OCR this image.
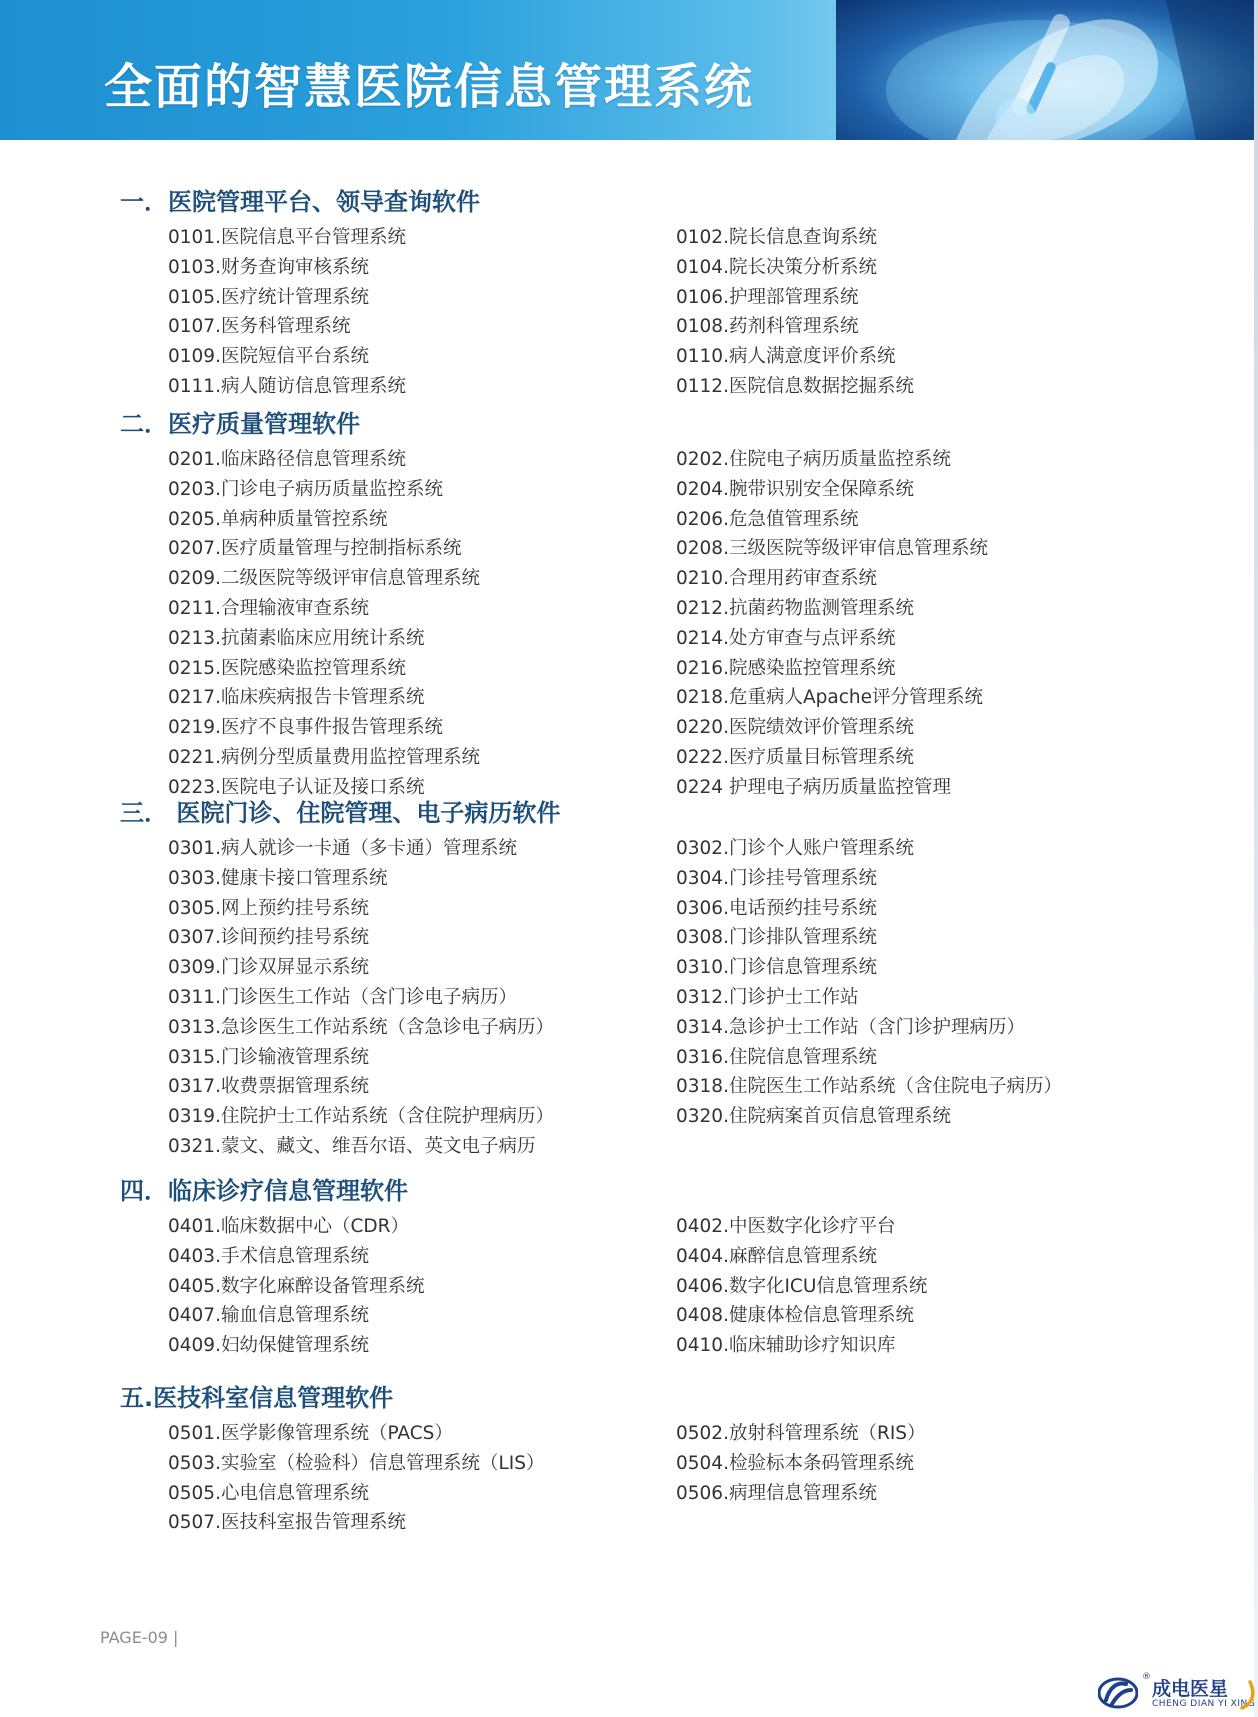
全面的智慧医院信息管理系统
一．医院管理平台、领导查询软件
0101.医院信息平台管理系统	0102.院长信息查询系统
0103.财务查询审核系统	0104.院长决策分析系统
0105.医疗统计管理系统	0106.护理部管理系统
0107.医务科管理系统	0108.药剂科管理系统
0109.医院短信平台系统	0110.病人满意度评价系统
0111.病人随访信息管理系统	0112.医院信息数据挖掘系统
二．医疗质量管理软件
0201.临床路径信息管理系统	0202.住院电子病历质量监控系统
0203.门诊电子病历质量监控系统	0204.腕带识别安全保障系统
0205.单病种质量管控系统	0206.危急值管理系统
0207.医疗质量管理与控制指标系统	0208.三级医院等级评审信息管理系统
0209.二级医院等级评审信息管理系统	0210.合理用药审查系统
0211.合理输液审查系统	0212.抗菌药物监测管理系统
0213.抗菌素临床应用统计系统	0214.处方审查与点评系统
0215.医院感染监控管理系统	0216.院感染监控管理系统
0217.临床疾病报告卡管理系统	0218.危重病人Apache评分管理系统
0219.医疗不良事件报告管理系统	0220.医院绩效评价管理系统
0221.病例分型质量费用监控管理系统	0222.医疗质量目标管理系统
0223.医院电子认证及接口系统	0224 护理电子病历质量监控管理
三． 医院门诊、住院管理、电子病历软件
0301.病人就诊一卡通（多卡通）管理系统	0302.门诊个人账户管理系统
0303.健康卡接口管理系统	0304.门诊挂号管理系统
0305.网上预约挂号系统	0306.电话预约挂号系统
0307.诊间预约挂号系统	0308.门诊排队管理系统
0309.门诊双屏显示系统	0310.门诊信息管理系统
0311.门诊医生工作站（含门诊电子病历）	0312.门诊护士工作站
0313.急诊医生工作站系统（含急诊电子病历）	0314.急诊护士工作站（含门诊护理病历）
0315.门诊输液管理系统	0316.住院信息管理系统
0317.收费票据管理系统	0318.住院医生工作站系统（含住院电子病历）
0319.住院护士工作站系统（含住院护理病历）	0320.住院病案首页信息管理系统
0321.蒙文、藏文、维吾尔语、英文电子病历
四．临床诊疗信息管理软件
0401.临床数据中心（CDR）	0402.中医数字化诊疗平台
0403.手术信息管理系统	0404.麻醉信息管理系统
0405.数字化麻醉设备管理系统	0406.数字化ICU信息管理系统
0407.输血信息管理系统	0408.健康体检信息管理系统
0409.妇幼保健管理系统	0410.临床辅助诊疗知识库
五.医技科室信息管理软件
0501.医学影像管理系统（PACS）	0502.放射科管理系统（RIS）
0503.实验室（检验科）信息管理系统（LIS）	0504.检验标本条码管理系统
0505.心电信息管理系统	0506.病理信息管理系统
0507.医技科室报告管理系统
PAGE-09 |
®
成电医星
CHENG DIAN YI XING
